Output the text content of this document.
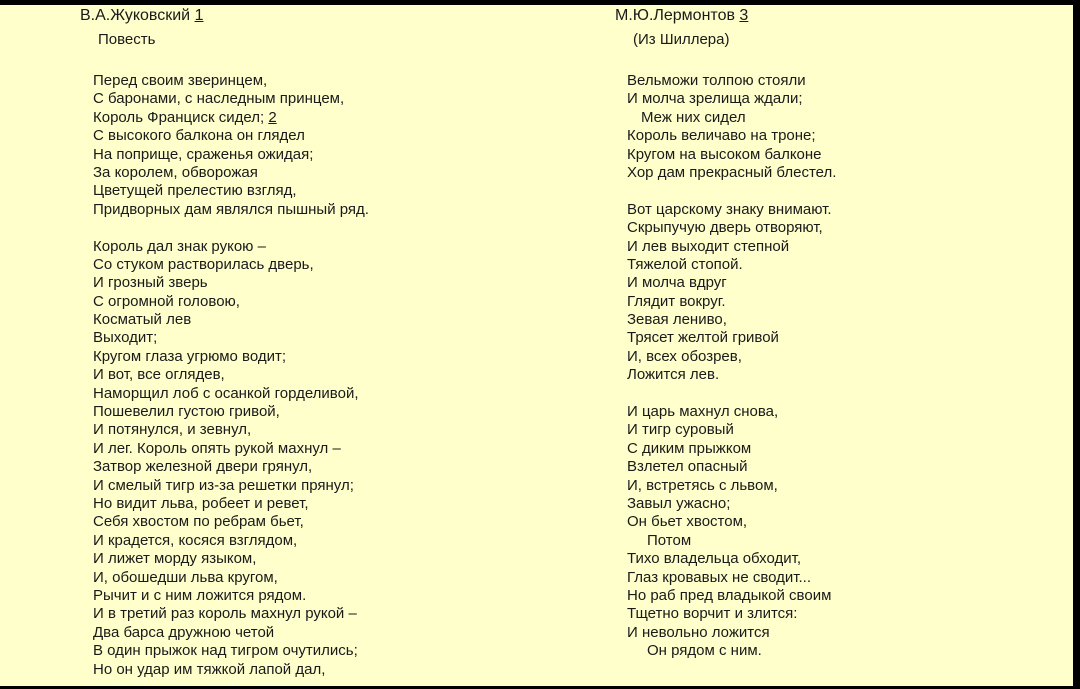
В.А.Жуковский 1
Повесть
Перед своим зверинцем,
С баронами, с наследным принцем,
Король Франциск сидел; 2
С высокого балкона он глядел
На поприще, сраженья ожидая;
За королем, обворожая
Цветущей прелестию взгляд,
Придворных дам являлся пышный ряд.
Король дал знак рукою –
Со стуком растворилась дверь,
И грозный зверь
С огромной головою,
Косматый лев
Выходит;
Кругом глаза угрюмо водит;
И вот, все оглядев,
Наморщил лоб с осанкой горделивой,
Пошевелил густою гривой,
И потянулся, и зевнул,
И лег. Король опять рукой махнул –
Затвор железной двери грянул,
И смелый тигр из-за решетки прянул;
Но видит льва, робеет и ревет,
Себя хвостом по ребрам бьет,
И крадется, косяся взглядом,
И лижет морду языком,
И, обошедши льва кругом,
Рычит и с ним ложится рядом.
И в третий раз король махнул рукой –
Два барса дружною четой
В один прыжок над тигром очутились;
Но он удар им тяжкой лапой дал,
М.Ю.Лермонтов 3
(Из Шиллера)
Вельможи толпою стояли
И молча зрелища ждали;
Меж них сидел
Король величаво на троне;
Кругом на высоком балконе
Хор дам прекрасный блестел.
Вот царскому знаку внимают.
Скрыпучую дверь отворяют,
И лев выходит степной
Тяжелой стопой.
И молча вдруг
Глядит вокруг.
Зевая лениво,
Трясет желтой гривой
И, всех обозрев,
Ложится лев.
И царь махнул снова,
И тигр суровый
С диким прыжком
Взлетел опасный
И, встретясь с львом,
Завыл ужасно;
Он бьет хвостом,
Потом
Тихо владельца обходит,
Глаз кровавых не сводит...
Но раб пред владыкой своим
Тщетно ворчит и злится:
И невольно ложится
Он рядом с ним.
